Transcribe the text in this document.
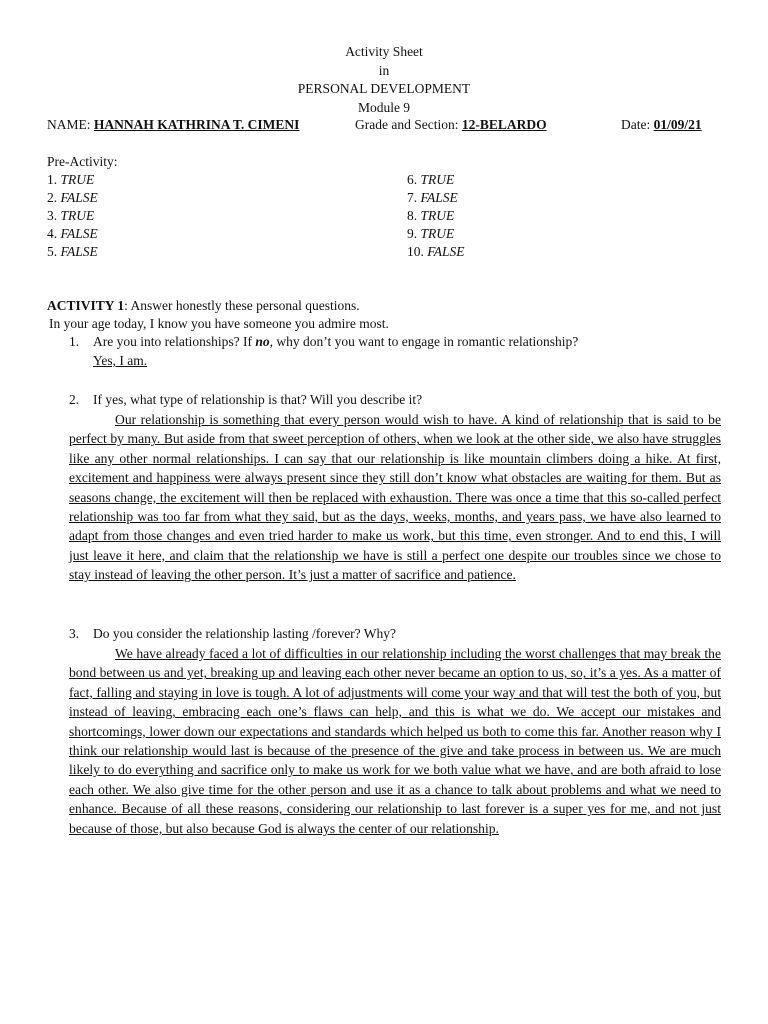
Activity Sheet
in
PERSONAL DEVELOPMENT
Module 9
NAME: HANNAH KATHRINA T. CIMENI	Grade and Section: 12-BELARDO	Date: 01/09/21
Pre-Activity:
1. TRUE
2. FALSE
3. TRUE
4. FALSE
5. FALSE
6. TRUE
7. FALSE
8. TRUE
9. TRUE
10. FALSE
ACTIVITY 1: Answer honestly these personal questions.
In your age today, I know you have someone you admire most.
1. Are you into relationships? If no, why don’t you want to engage in romantic relationship?
Yes, I am.
2. If yes, what type of relationship is that? Will you describe it?
Our relationship is something that every person would wish to have. A kind of relationship that is said to be perfect by many. But aside from that sweet perception of others, when we look at the other side, we also have struggles like any other normal relationships. I can say that our relationship is like mountain climbers doing a hike. At first, excitement and happiness were always present since they still don’t know what obstacles are waiting for them. But as seasons change, the excitement will then be replaced with exhaustion. There was once a time that this so-called perfect relationship was too far from what they said, but as the days, weeks, months, and years pass, we have also learned to adapt from those changes and even tried harder to make us work, but this time, even stronger. And to end this, I will just leave it here, and claim that the relationship we have is still a perfect one despite our troubles since we chose to stay instead of leaving the other person. It’s just a matter of sacrifice and patience.
3. Do you consider the relationship lasting /forever? Why?
We have already faced a lot of difficulties in our relationship including the worst challenges that may break the bond between us and yet, breaking up and leaving each other never became an option to us, so, it’s a yes. As a matter of fact, falling and staying in love is tough. A lot of adjustments will come your way and that will test the both of you, but instead of leaving, embracing each one’s flaws can help, and this is what we do. We accept our mistakes and shortcomings, lower down our expectations and standards which helped us both to come this far. Another reason why I think our relationship would last is because of the presence of the give and take process in between us. We are much likely to do everything and sacrifice only to make us work for we both value what we have, and are both afraid to lose each other. We also give time for the other person and use it as a chance to talk about problems and what we need to enhance. Because of all these reasons, considering our relationship to last forever is a super yes for me, and not just because of those, but also because God is always the center of our relationship.
